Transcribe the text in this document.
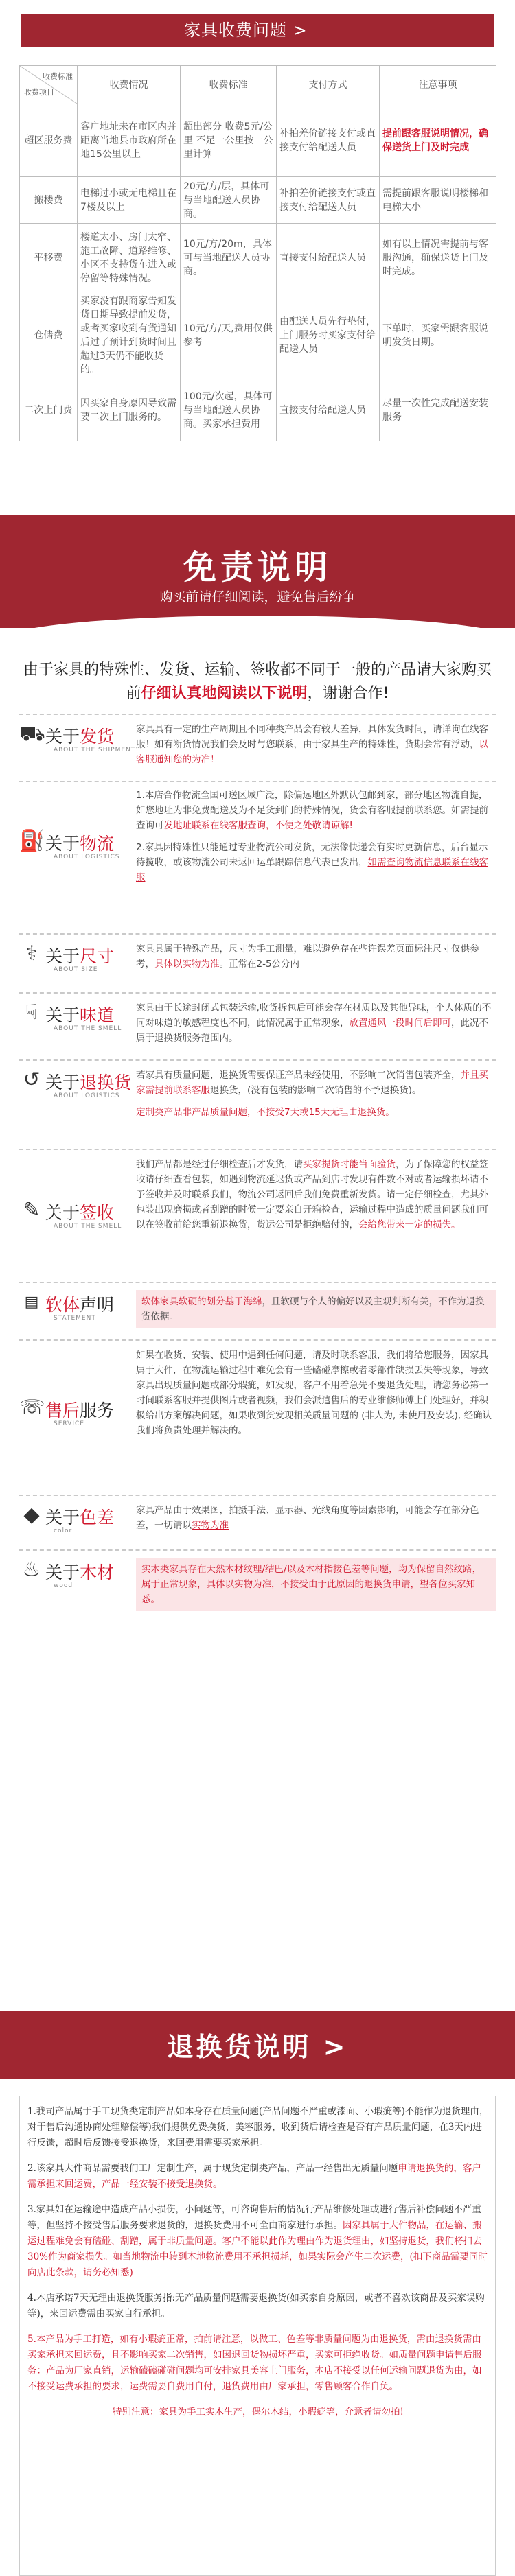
家具收费问题 >
收费标准
收费项目	收费情况	收费标准	支付方式	注意事项
超区服务费	客户地址未在市区内并距离当地县市政府所在地15公里以上	超出部分 收费5元/公里 不足一公里按一公里计算	补拍差价链接支付或直接支付给配送人员	提前跟客服说明情况，确保送货上门及时完成
搬楼费	电梯过小或无电梯且在7楼及以上	20元/方/层，具体可与当地配送人员协商。	补拍差价链接支付或直接支付给配送人员	需提前跟客服说明楼梯和电梯大小
平移费	楼道太小、房门太窄、施工故障、道路维修、小区不支持货车进入或停留等特殊情况。	10元/方/20m，具体可与当地配送人员协商。	直接支付给配送人员	如有以上情况需提前与客服沟通，确保送货上门及时完成。
仓储费	买家没有跟商家告知发货日期导致提前发货，或者买家收到有货通知后过了预计到货时间且超过3天仍不能收货的。	10元/方/天,费用仅供参考	由配送人员先行垫付，上门服务时买家支付给配送人员	下单时，买家需跟客服说明发货日期。
二次上门费	因买家自身原因导致需要二次上门服务的。	100元/次起，具体可与当地配送人员协商。买家承担费用	直接支付给配送人员	尽量一次性完成配送安装服务
免责说明

购买前请仔细阅读，避免售后纷争

由于家具的特殊性、发货、运输、签收都不同于一般的产品请大家购买前仔细认真地阅读以下说明，谢谢合作!
⛟ 关于发货
ABOUT THE SHIPMENT
家具具有一定的生产周期且不同种类产品会有较大差异，具体发货时间，请详询在线客服！如有断货情况我们会及时与您联系，由于家具生产的特殊性，货期会常有浮动，以客服通知您的为准！
⛽ 关于物流
ABOUT LOGISTICS
1.本店合作物流全国可送区域广泛，除偏远地区外默认包邮到家，部分地区物流自提，如您地址为非免费配送及为不足货到门的特殊情况，货会有客服提前联系您。如需提前查询可发地址联系在线客服查询，不便之处敬请谅解!
2.家具因特殊性只能通过专业物流公司发货，无法像快递会有实时更新信息，后台显示待揽收，或该物流公司未返回运单跟踪信息代表已发出，如需查询物流信息联系在线客服
⚕ 关于尺寸
ABOUT SIZE
家具具属于特殊产品，尺寸为手工测量，难以避免存在些许误差页面标注尺寸仅供参考，具体以实物为准。正常在2-5公分内
☟ 关于味道
ABOUT THE SMELL
家具由于长途封闭式包装运输,收货拆包后可能会存在材质以及其他异味，个人体质的不同对味道的敏感程度也不同，此情况属于正常现象，放置通风一段时间后即可，此况不属于退换货服务范围内。
↺ 关于退换货
ABOUT LOGISTICS
若家具有质量问题，退换货需要保证产品未经使用，不影响二次销售包装齐全，并且买家需提前联系客服退换货，(没有包装的影响二次销售的不予退换货)。
定制类产品非产品质量问题，不接受7天或15天无理由退换货。
✎ 关于签收
ABOUT THE SMELL
我们产品都是经过仔细检查后才发货，请买家提货时能当面验货，为了保障您的权益签收请仔细查看包装，如遇到物流延迟货或产品到店时发现有件数不对或者运输损坏请不予签收并及时联系我们，物流公司返回后我们免费重新发货。请一定仔细检查，尤其外包装出现磨损或者刮蹭的时候一定要亲自开箱检查，运输过程中造成的质量问题我们可以在签收前给您重新退换货，货运公司是拒绝赔付的，会给您带来一定的损失。
▤ 软体声明
STATEMENT
软体家具软硬的划分基于海绵，且软硬与个人的偏好以及主观判断有关，不作为退换货依据。
☏ 售后服务
SERVICE
如果在收货、安装、使用中遇到任何问题，请及时联系客服，我们将给您服务，因家具属于大件，在物流运输过程中难免会有一些磕碰摩擦或者零部件缺损丢失等现象，导致家具出现质量问题或部分瑕疵，如发现，客户不用着急先不要退货处理，请您务必第一时间联系客服并提供图片或者视频，我们会派遣售后的专业维修师傅上门处理好，并积极给出方案解决问题，如果收到货发现相关质量问题的 (非人为, 未使用及安装), 经确认我们将负责处理并解决的。
◆ 关于色差
color
家具产品由于效果图，拍摄手法、显示器、光线角度等因素影响，可能会存在部分色差，一切请以实物为准
♨ 关于木材
wood
实木类家具存在天然木材纹理/结巴/以及木材指接色差等问题，均为保留自然纹路，属于正常现象，具体以实物为准，不接受由于此原因的退换货申请，望各位买家知悉。
退换货说明 >
1.我司产品属于手工现货类定制产品如本身存在质量问题(产品问题不严重或漆面、小瑕疵等)不能作为退货理由，对于售后沟通协商处理赔偿等)我们提供免费换货，美容服务，收到货后请检查是否有产品质量问题，在3天内进行反馈，超时后反馈接受退换货，来回费用需要买家承担。
2.该家具大件商品需要我们工厂定制生产，属于现货定制类产品，产品一经售出无质量问题申请退换货的，客户需承担来回运费，产品一经安装不接受退换货。
3.家具如在运输途中造成产品小损伤，小问题等，可咨询售后的情况行产品维修处理或进行售后补偿问题不严重等，但坚持不接受售后服务要求退货的，退换货费用不可全由商家进行承担。因家具属于大件物品，在运输、搬运过程难免会有磕碰、刮蹭，属于非质量问题。客户不能以此作为理由作为退货理由，如坚持退货，我们将扣去30%作为商家损失。如当地物流中转到本地物流费用不承担损耗，如果实际会产生二次运费，(扣下商品需要同时向店此条款，请务必知悉)
4.本店承诺7天无理由退换货服务指:无产品质量问题需要退换货(如买家自身原因，或者不喜欢该商品及买家误购等)，来回运费需由买家自行承担。
5.本产品为手工打造，如有小瑕疵正常，拍前请注意，以做工、色差等非质量问题为由退换货，需由退换货需由买家承担来回运费，且不影响买家二次销售，如因退回货物损坏严重，买家可拒绝收货。如质量问题申请售后服务：产品为厂家直销，运输磕磕碰碰问题均可安排家具美容上门服务，本店不接受以任何运输问题退货为由，如不接受运费承担的要求，运费需要自费用自付，退货费用由厂家承担，零售顾客合作自负。
特别注意：家具为手工实木生产，偶尔木结，小瑕疵等，介意者请勿拍!
